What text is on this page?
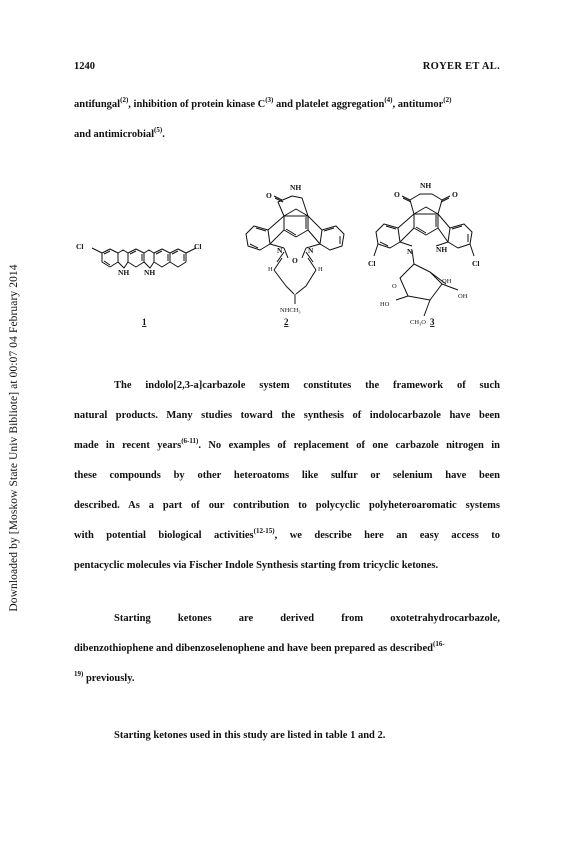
Downloaded by [Moskow State Univ Bibliote] at 00:07 04 February 2014
1240	ROYER ET AL.
antifungal$^{(2)}$, inhibition of protein kinase $C^{(3)}$ and platelet aggregation$^{(4)}$, antitumor$^{(2)}$
and antimicrobial$^{(5)}$.
Cl	Cl
NH NH
1
O
NH
N	N
O
H	H
NHCH₃
2
O
NH
O
N	NH
Cl	Cl
OH
O
OH
HO
CH₃O 3
The indolo[2,3-a]carbazole system constitutes the framework of such
natural products. Many studies toward the synthesis of indolocarbazole have been
made in recent years$^{(6-11)}$. No examples of replacement of one carbazole nitrogen in
these compounds by other heteroatoms like sulfur or selenium have been
described. As a part of our contribution to polycyclic polyheteroaromatic systems
with potential biological activities$^{(12-15)}$, we describe here an easy access to
pentacyclic molecules via Fischer Indole Synthesis starting from tricyclic ketones.
Starting ketones are derived from oxotetrahydrocarbazole,
dibenzothiophene and dibenzoselenophene and have been prepared as described$^{(16-}$
$^{19)}$ previously.
Starting ketones used in this study are listed in table 1 and 2.
